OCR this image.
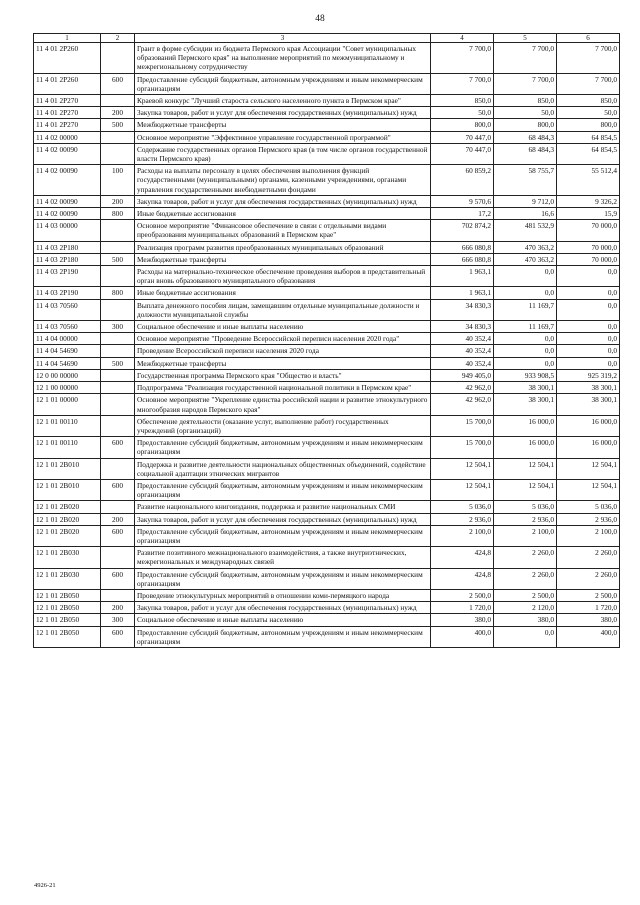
48
1	2	3	4	5	6
11 4 01 2P260		Грант в форме субсидии из бюджета Пермского края Ассоциации "Совет муниципальных образований Пермского края" на выполнение мероприятий по межмуниципальному и межрегиональному сотрудничеству	7 700,0	7 700,0	7 700,0
11 4 01 2P260	600	Предоставление субсидий бюджетным, автономным учреждениям и иным некоммерческим организациям	7 700,0	7 700,0	7 700,0
11 4 01 2P270		Краевой конкурс "Лучший староста сельского населенного пункта в Пермском крае"	850,0	850,0	850,0
11 4 01 2P270	200	Закупка товаров, работ и услуг для обеспечения государственных (муниципальных) нужд	50,0	50,0	50,0
11 4 01 2P270	500	Межбюджетные трансферты	800,0	800,0	800,0
11 4 02 00000		Основное мероприятие "Эффективное управление государственной программой"	70 447,0	68 484,3	64 854,5
11 4 02 00090		Содержание государственных органов Пермского края (в том числе органов государственной власти Пермского края)	70 447,0	68 484,3	64 854,5
11 4 02 00090	100	Расходы на выплаты персоналу в целях обеспечения выполнения функций государственными (муниципальными) органами, казенными учреждениями, органами управления государственными внебюджетными фондами	60 859,2	58 755,7	55 512,4
11 4 02 00090	200	Закупка товаров, работ и услуг для обеспечения государственных (муниципальных) нужд	9 570,6	9 712,0	9 326,2
11 4 02 00090	800	Иные бюджетные ассигнования	17,2	16,6	15,9
11 4 03 00000		Основное мероприятие "Финансовое обеспечение в связи с отдельными видами преобразования муниципальных образований в Пермском крае"	702 874,2	481 532,9	70 000,0
11 4 03 2P180		Реализация программ развития преобразованных муниципальных образований	666 080,8	470 363,2	70 000,0
11 4 03 2P180	500	Межбюджетные трансферты	666 080,8	470 363,2	70 000,0
11 4 03 2P190		Расходы на материально-техническое обеспечение проведения выборов в представительный орган вновь образованного муниципального образования	1 963,1	0,0	0,0
11 4 03 2P190	800	Иные бюджетные ассигнования	1 963,1	0,0	0,0
11 4 03 70560		Выплата денежного пособия лицам, замещавшим отдельные муниципальные должности и должности муниципальной службы	34 830,3	11 169,7	0,0
11 4 03 70560	300	Социальное обеспечение и иные выплаты населению	34 830,3	11 169,7	0,0
11 4 04 00000		Основное мероприятие "Проведение Всероссийской переписи населения 2020 года"	40 352,4	0,0	0,0
11 4 04 54690		Проведение Всероссийской переписи населения 2020 года	40 352,4	0,0	0,0
11 4 04 54690	500	Межбюджетные трансферты	40 352,4	0,0	0,0
12 0 00 00000		Государственная программа Пермского края "Общество и власть"	949 405,0	933 908,5	925 319,2
12 1 00 00000		Подпрограмма "Реализация государственной национальной политики в Пермском крае"	42 962,0	38 300,1	38 300,1
12 1 01 00000		Основное мероприятие "Укрепление единства российской нации и развитие этнокультурного многообразия народов Пермского края"	42 962,0	38 300,1	38 300,1
12 1 01 00110		Обеспечение деятельности (оказание услуг, выполнение работ) государственных учреждений (организаций)	15 700,0	16 000,0	16 000,0
12 1 01 00110	600	Предоставление субсидий бюджетным, автономным учреждениям и иным некоммерческим организациям	15 700,0	16 000,0	16 000,0
12 1 01 2B010		Поддержка и развитие деятельности национальных общественных объединений, содействие социальной адаптации этнических мигрантов	12 504,1	12 504,1	12 504,1
12 1 01 2B010	600	Предоставление субсидий бюджетным, автономным учреждениям и иным некоммерческим организациям	12 504,1	12 504,1	12 504,1
12 1 01 2B020		Развитие национального книгоиздания, поддержка и развитие национальных СМИ	5 036,0	5 036,0	5 036,0
12 1 01 2B020	200	Закупка товаров, работ и услуг для обеспечения государственных (муниципальных) нужд	2 936,0	2 936,0	2 936,0
12 1 01 2B020	600	Предоставление субсидий бюджетным, автономным учреждениям и иным некоммерческим организациям	2 100,0	2 100,0	2 100,0
12 1 01 2B030		Развитие позитивного межнационального взаимодействия, а также внутриэтнических, межрегиональных и международных связей	424,8	2 260,0	2 260,0
12 1 01 2B030	600	Предоставление субсидий бюджетным, автономным учреждениям и иным некоммерческим организациям	424,8	2 260,0	2 260,0
12 1 01 2B050		Проведение этнокультурных мероприятий в отношении коми-пермяцкого народа	2 500,0	2 500,0	2 500,0
12 1 01 2B050	200	Закупка товаров, работ и услуг для обеспечения государственных (муниципальных) нужд	1 720,0	2 120,0	1 720,0
12 1 01 2B050	300	Социальное обеспечение и иные выплаты населению	380,0	380,0	380,0
12 1 01 2B050	600	Предоставление субсидий бюджетным, автономным учреждениям и иным некоммерческим организациям	400,0	0,0	400,0
4926-21
